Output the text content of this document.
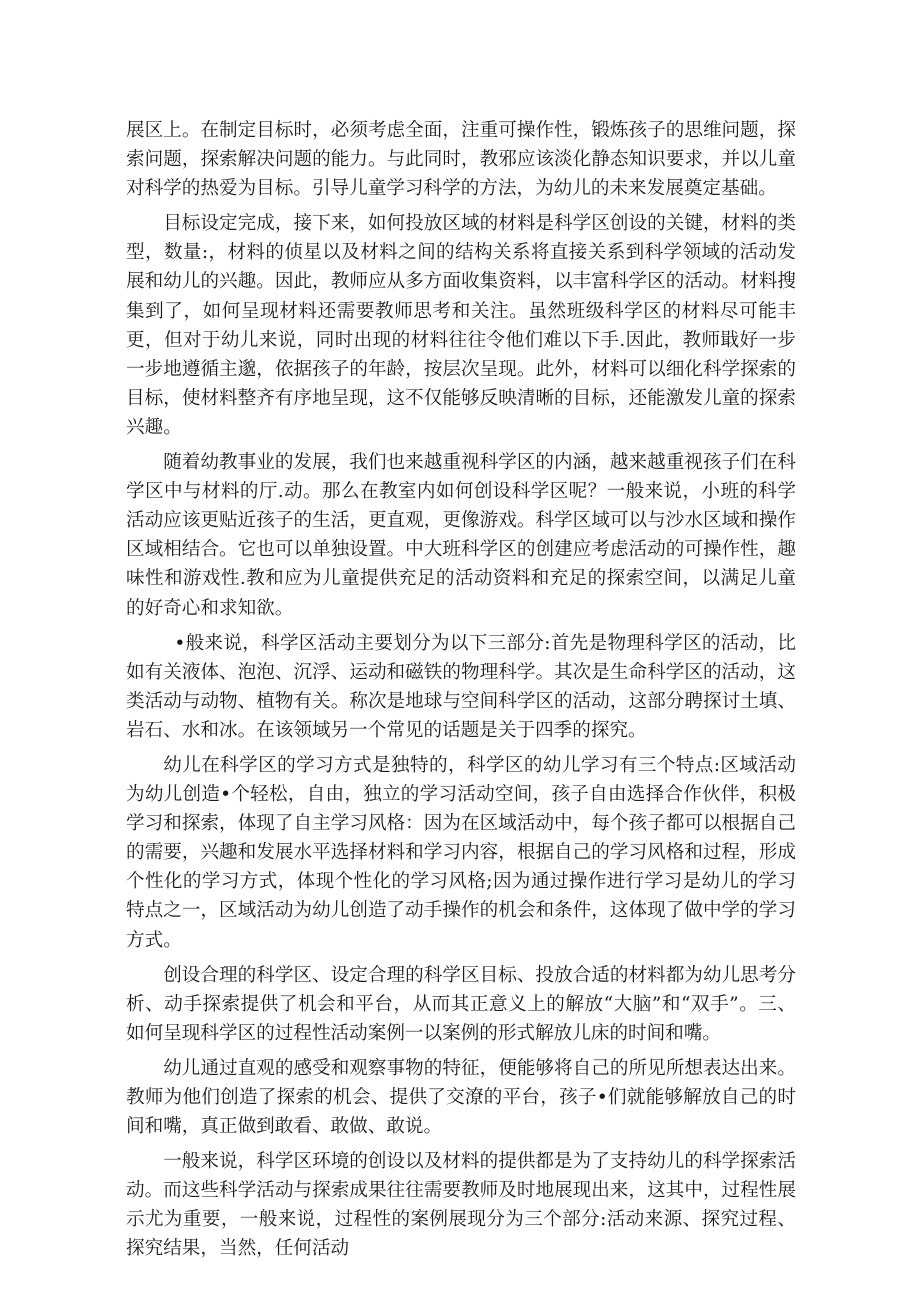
展区上。在制定目标时，必须考虑全面，注重可操作性，锻炼孩子的思维问题，探索问题，探索解决问题的能力。与此同时，教邪应该淡化静态知识要求，并以儿童对科学的热爱为目标。引导儿童学习科学的方法，为幼儿的未来发展奠定基础。

目标设定完成，接下来，如何投放区域的材料是科学区创设的关键，材料的类型，数量:，材料的侦星以及材料之间的结构关系将直接关系到科学领域的活动发展和幼儿的兴趣。因此，教师应从多方面收集资料，以丰富科学区的活动。材料搜集到了，如何呈现材料还需要教师思考和关注。虽然班级科学区的材料尽可能丰更，但对于幼儿来说，同时出现的材料往往令他们难以下手.因此，教师戢好一步一步地遵循主邈，依据孩子的年龄，按层次呈现。此外，材料可以细化科学探索的目标，使材料整齐有序地呈现，这不仅能够反映清晰的目标，还能激发儿童的探索兴趣。

随着幼教事业的发展，我们也来越重视科学区的内涵，越来越重视孩子们在科学区中与材料的厅.动。那么在教室内如何创设科学区呢？一般来说，小班的科学活动应该更贴近孩子的生活，更直观，更像游戏。科学区域可以与沙水区域和操作区域相结合。它也可以单独设置。中大班科学区的创建应考虑活动的可操作性，趣味性和游戏性.教和应为儿童提供充足的活动资料和充足的探索空间，以满足儿童的好奇心和求知欲。

•般来说，科学区活动主要划分为以下三部分:首先是物理科学区的活动，比如有关液体、泡泡、沉浮、运动和磁铁的物理科学。其次是生命科学区的活动，这类活动与动物、植物有关。称次是地球与空间科学区的活动，这部分聘探讨土填、岩石、水和冰。在该领域另一个常见的话题是关于四季的探究。

幼儿在科学区的学习方式是独特的，科学区的幼儿学习有三个特点:区域活动为幼儿创造•个轻松，自由，独立的学习活动空间，孩子自由选择合作伙伴，积极学习和探索，体现了自主学习风格：因为在区域活动中，每个孩子都可以根据自己的需要，兴趣和发展水平选择材料和学习内容，根据自己的学习风格和过程，形成个性化的学习方式，体现个性化的学习风格;因为通过操作进行学习是幼儿的学习特点之一，区域活动为幼儿创造了动手操作的机会和条件，这体现了做中学的学习方式。

创设合理的科学区、设定合理的科学区目标、投放合适的材料都为幼儿思考分析、动手探索提供了机会和平台，从而其正意义上的解放“大脑”和“双手”。三、如何呈现科学区的过程性活动案例一以案例的形式解放儿床的时间和嘴。

幼儿通过直观的感受和观察事物的特征，便能够将自己的所见所想表达出来。教师为他们创造了探索的机会、提供了交潦的平台，孩子•们就能够解放自己的时间和嘴，真正做到敢看、敢做、敢说。

一般来说，科学区环境的创设以及材料的提供都是为了支持幼儿的科学探索活动。而这些科学活动与探索成果往往需要教师及时地展现出来，这其中，过程性展示尤为重要，一般来说，过程性的案例展现分为三个部分:活动来源、探究过程、探究结果，当然，任何活动
